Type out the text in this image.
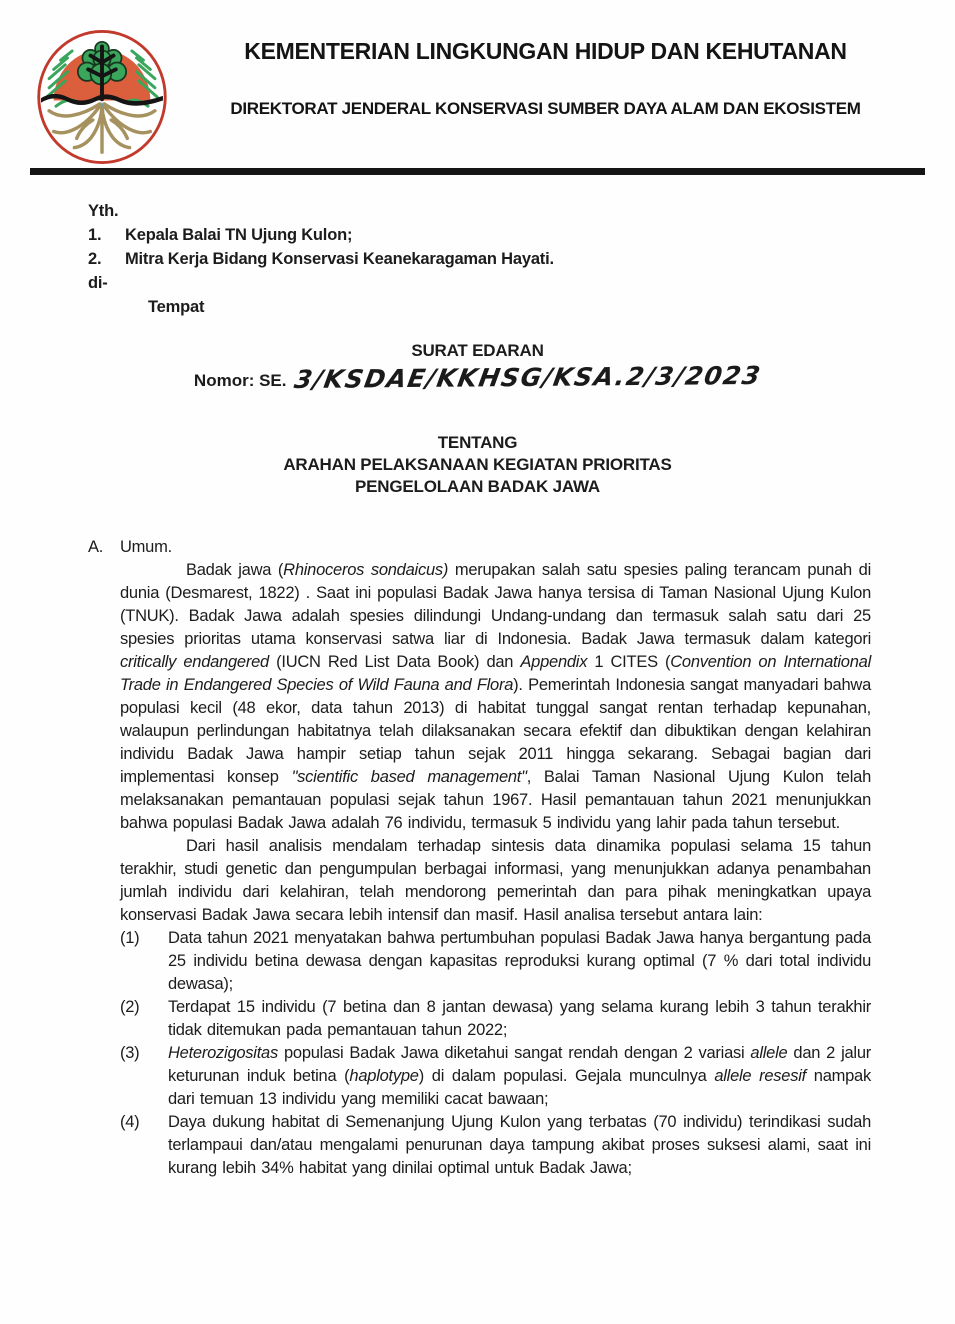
KEMENTERIAN LINGKUNGAN HIDUP DAN KEHUTANAN
DIREKTORAT JENDERAL KONSERVASI SUMBER DAYA ALAM DAN EKOSISTEM
Yth.
1.	Kepala Balai TN Ujung Kulon;
2.	Mitra Kerja Bidang Konservasi Keanekaragaman Hayati.
di-
Tempat
SURAT EDARAN
Nomor: SE. 3/KSDAE/KKHSG/KSA.2/3/2023
TENTANG
ARAHAN PELAKSANAAN KEGIATAN PRIORITAS
PENGELOLAAN BADAK JAWA
A.	Umum.

Badak jawa (Rhinoceros sondaicus) merupakan salah satu spesies paling terancam punah di dunia (Desmarest, 1822) . Saat ini populasi Badak Jawa hanya tersisa di Taman Nasional Ujung Kulon (TNUK). Badak Jawa adalah spesies dilindungi Undang-undang dan termasuk salah satu dari 25 spesies prioritas utama konservasi satwa liar di Indonesia. Badak Jawa termasuk dalam kategori critically endangered (IUCN Red List Data Book) dan Appendix 1 CITES (Convention on International Trade in Endangered Species of Wild Fauna and Flora). Pemerintah Indonesia sangat manyadari bahwa populasi kecil (48 ekor, data tahun 2013) di habitat tunggal sangat rentan terhadap kepunahan, walaupun perlindungan habitatnya telah dilaksanakan secara efektif dan dibuktikan dengan kelahiran individu Badak Jawa hampir setiap tahun sejak 2011 hingga sekarang. Sebagai bagian dari implementasi konsep "scientific based management", Balai Taman Nasional Ujung Kulon telah melaksanakan pemantauan populasi sejak tahun 1967. Hasil pemantauan tahun 2021 menunjukkan bahwa populasi Badak Jawa adalah 76 individu, termasuk 5 individu yang lahir pada tahun tersebut.

Dari hasil analisis mendalam terhadap sintesis data dinamika populasi selama 15 tahun terakhir, studi genetic dan pengumpulan berbagai informasi, yang menunjukkan adanya penambahan jumlah individu dari kelahiran, telah mendorong pemerintah dan para pihak meningkatkan upaya konservasi Badak Jawa secara lebih intensif dan masif. Hasil analisa tersebut antara lain:

(1)	Data tahun 2021 menyatakan bahwa pertumbuhan populasi Badak Jawa hanya bergantung pada 25 individu betina dewasa dengan kapasitas reproduksi kurang optimal (7 % dari total individu dewasa);
(2)	Terdapat 15 individu (7 betina dan 8 jantan dewasa) yang selama kurang lebih 3 tahun terakhir tidak ditemukan pada pemantauan tahun 2022;
(3)	Heterozigositas populasi Badak Jawa diketahui sangat rendah dengan 2 variasi allele dan 2 jalur keturunan induk betina (haplotype) di dalam populasi. Gejala munculnya allele resesif nampak dari temuan 13 individu yang memiliki cacat bawaan;
(4)	Daya dukung habitat di Semenanjung Ujung Kulon yang terbatas (70 individu) terindikasi sudah terlampaui dan/atau mengalami penurunan daya tampung akibat proses suksesi alami, saat ini kurang lebih 34% habitat yang dinilai optimal untuk Badak Jawa;
